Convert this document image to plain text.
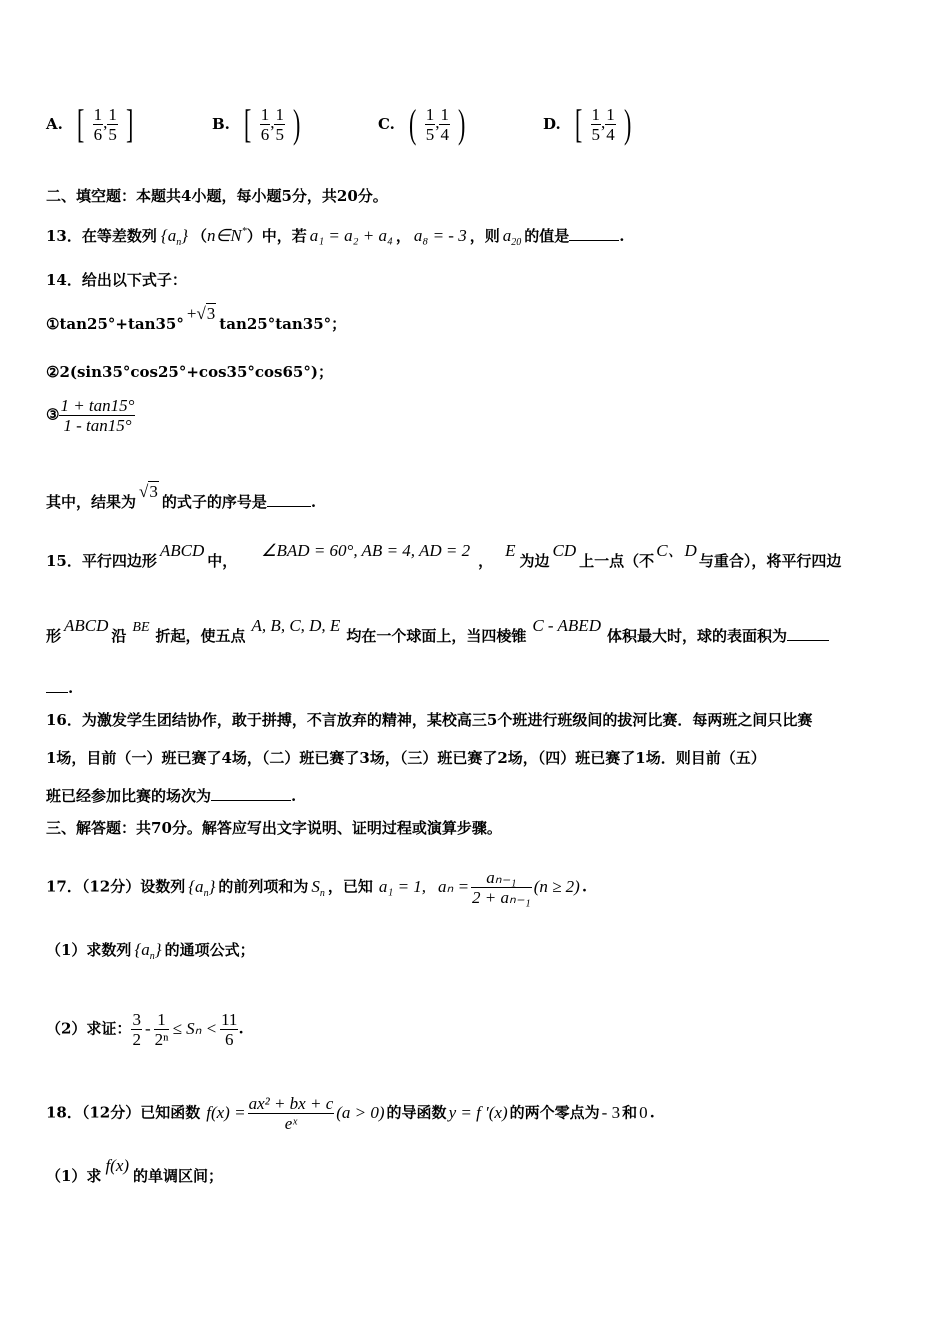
A. [ $\frac{1}{6}$ , $\frac{1}{5}$ ]	B. [ $\frac{1}{6}$ , $\frac{1}{5}$ )	C. ( $\frac{1}{5}$ , $\frac{1}{4}$ )	D. [ $\frac{1}{5}$ , $\frac{1}{4}$ )
二、填空题：本题共4小题，每小题5分，共20分。
13．在等差数列 $\{a_n\}$ （n∈N*）中，若 a₁ = a₂ + a₄ ， a₈ = - 3 ，则 $a_{20}$ 的值是	.
14．给出以下式子：
①tan25°+tan35°+√3tan25°tan35°；
②2(sin35°cos25°+cos35°cos65°)；
③ $\frac{1 + \tan 15^\circ}{1 - \tan 15^\circ}$
其中，结果为√3的式子的序号是	.
15．平行四边形ABCD中，∠BAD = 60°, AB = 4, AD = 2，E为边CD上一点（不C、D与重合），将平行四边
形ABCD沿 BE 折起，使五点A, B, C, D, E均在一个球面上，当四棱锥C - ABED体积最大时，球的表面积为
.
16．为激发学生团结协作，敢于拼搏，不言放弃的精神，某校高三5个班进行班级间的拔河比赛．每两班之间只比赛
1场，目前（一）班已赛了4场，（二）班已赛了3场，（三）班已赛了2场，（四）班已赛了1场．则目前（五）
班已经参加比赛的场次为	.
三、解答题：共70分。解答应写出文字说明、证明过程或演算步骤。
17．（12分）设数列 $\{a_n\}$ 的前列项和为 $S_n$ ，已知 a₁ = 1, $a_n = \frac{\text{aₙ₋₁}}{\text{2 + aₙ₋₁}} (n \ge 2)$ .
（1）求数列 $\{a_n\}$ 的通项公式；
（2）求证： $\frac{3}{2} - \frac{1}{\text{2ⁿ}} \le S_n < \frac{11}{6}$ .
18．（12分）已知函数 $f(x) = \frac{\text{ax² + bx + c}}{\text{eˣ}} (a > 0)$ 的导函数 y = f ′(x) 的两个零点为 - 3 和 0 .
（1）求f(x)的单调区间；
